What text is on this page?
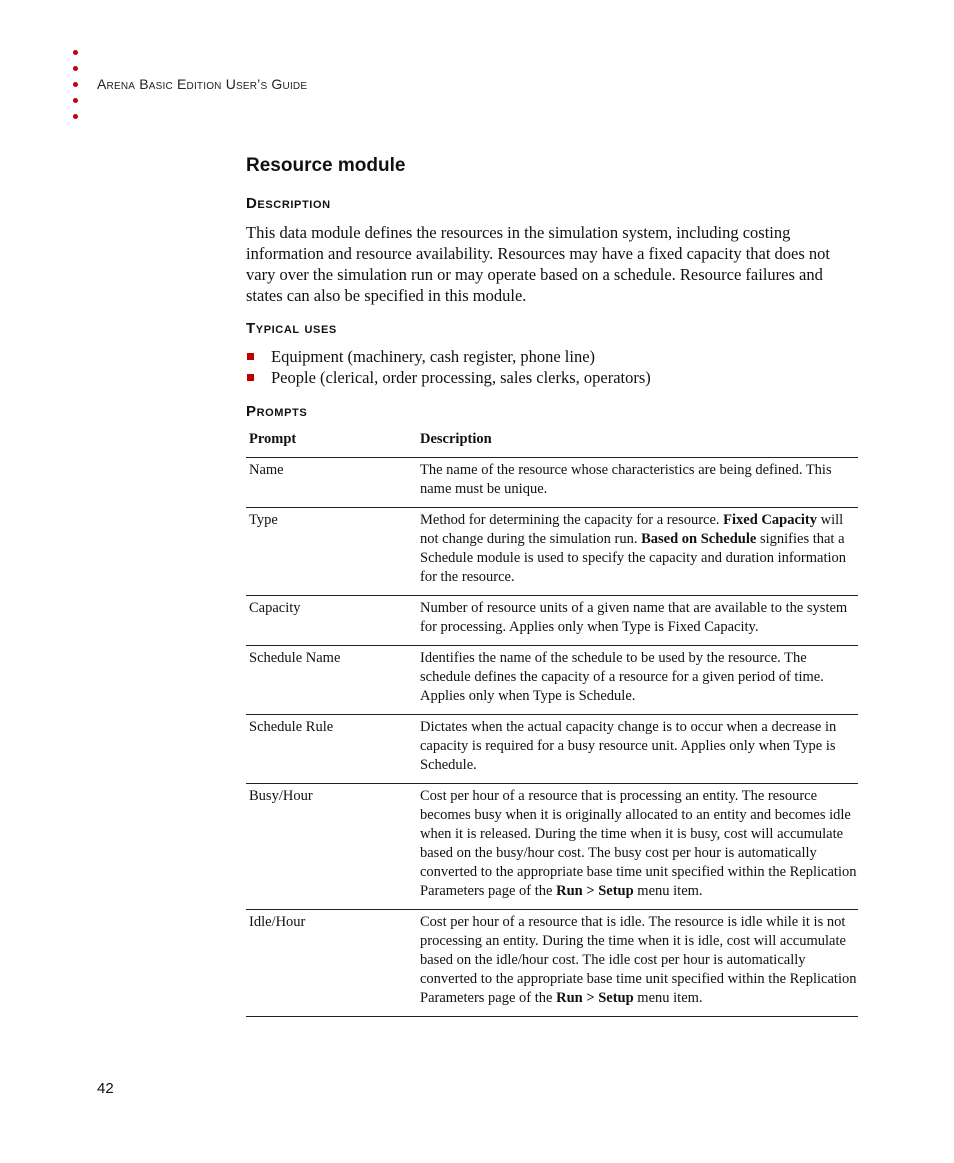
Arena Basic Edition User’s Guide
Resource module
Description

This data module defines the resources in the simulation system, including costing information and resource availability. Resources may have a fixed capacity that does not vary over the simulation run or may operate based on a schedule. Resource failures and states can also be specified in this module.

Typical uses
Equipment (machinery, cash register, phone line)
People (clerical, order processing, sales clerks, operators)
Prompts
Prompt	Description
Name	The name of the resource whose characteristics are being defined. This name must be unique.
Type	Method for determining the capacity for a resource. Fixed Capacity will not change during the simulation run. Based on Schedule signifies that a Schedule module is used to specify the capacity and duration information for the resource.
Capacity	Number of resource units of a given name that are available to the system for processing. Applies only when Type is Fixed Capacity.
Schedule Name	Identifies the name of the schedule to be used by the resource. The schedule defines the capacity of a resource for a given period of time. Applies only when Type is Schedule.
Schedule Rule	Dictates when the actual capacity change is to occur when a decrease in capacity is required for a busy resource unit. Applies only when Type is Schedule.
Busy/Hour	Cost per hour of a resource that is processing an entity. The resource becomes busy when it is originally allocated to an entity and becomes idle when it is released. During the time when it is busy, cost will accumulate based on the busy/hour cost. The busy cost per hour is automatically converted to the appropriate base time unit specified within the Replication Parameters page of the Run > Setup menu item.
Idle/Hour	Cost per hour of a resource that is idle. The resource is idle while it is not processing an entity. During the time when it is idle, cost will accumulate based on the idle/hour cost. The idle cost per hour is automatically converted to the appropriate base time unit specified within the Replication Parameters page of the Run > Setup menu item.
42
